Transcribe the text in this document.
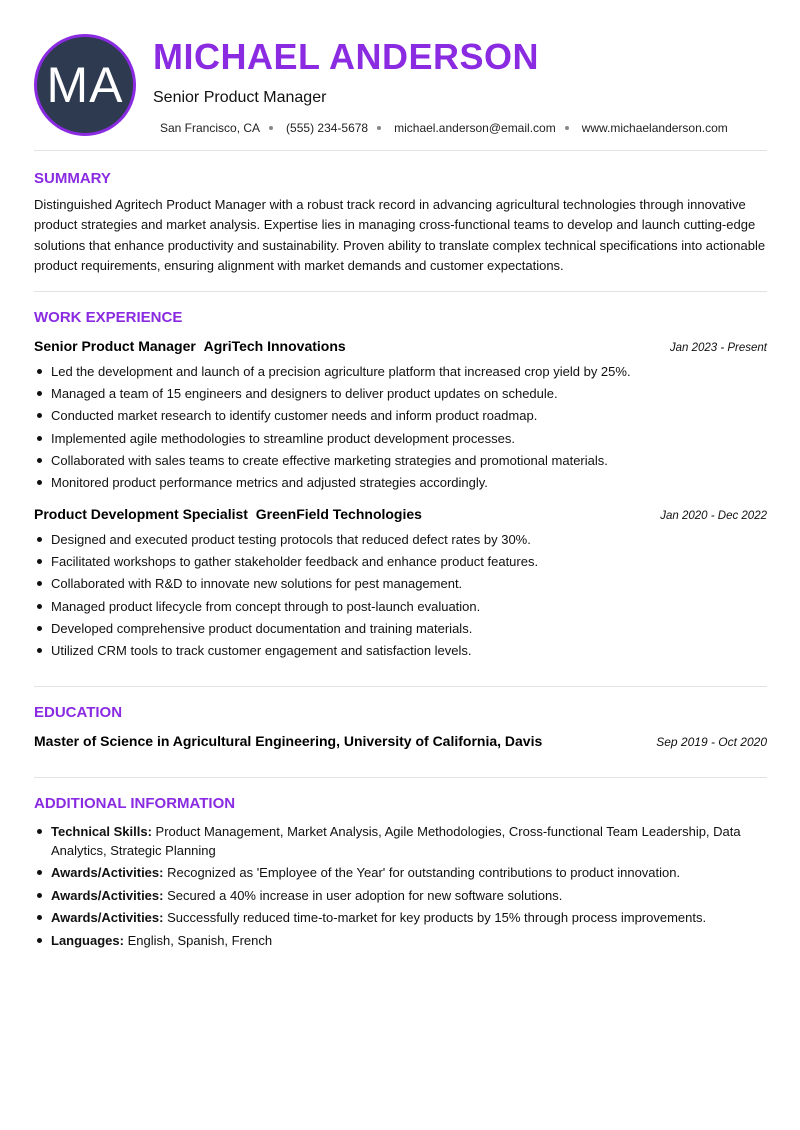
MA
MICHAEL ANDERSON
Senior Product Manager
San Francisco, CA (555) 234-5678 michael.anderson@email.com www.michaelanderson.com
SUMMARY
Distinguished Agritech Product Manager with a robust track record in advancing agricultural technologies through innovative product strategies and market analysis. Expertise lies in managing cross-functional teams to develop and launch cutting-edge solutions that enhance productivity and sustainability. Proven ability to translate complex technical specifications into actionable product requirements, ensuring alignment with market demands and customer expectations.
WORK EXPERIENCE
Senior Product Manager AgriTech Innovations	Jan 2023 - Present
Led the development and launch of a precision agriculture platform that increased crop yield by 25%.
Managed a team of 15 engineers and designers to deliver product updates on schedule.
Conducted market research to identify customer needs and inform product roadmap.
Implemented agile methodologies to streamline product development processes.
Collaborated with sales teams to create effective marketing strategies and promotional materials.
Monitored product performance metrics and adjusted strategies accordingly.
Product Development Specialist GreenField Technologies	Jan 2020 - Dec 2022
Designed and executed product testing protocols that reduced defect rates by 30%.
Facilitated workshops to gather stakeholder feedback and enhance product features.
Collaborated with R&D to innovate new solutions for pest management.
Managed product lifecycle from concept through to post-launch evaluation.
Developed comprehensive product documentation and training materials.
Utilized CRM tools to track customer engagement and satisfaction levels.
EDUCATION
Master of Science in Agricultural Engineering, University of California, Davis	Sep 2019 - Oct 2020
ADDITIONAL INFORMATION
Technical Skills: Product Management, Market Analysis, Agile Methodologies, Cross-functional Team Leadership, Data Analytics, Strategic Planning
Awards/Activities: Recognized as 'Employee of the Year' for outstanding contributions to product innovation.
Awards/Activities: Secured a 40% increase in user adoption for new software solutions.
Awards/Activities: Successfully reduced time-to-market for key products by 15% through process improvements.
Languages: English, Spanish, French
